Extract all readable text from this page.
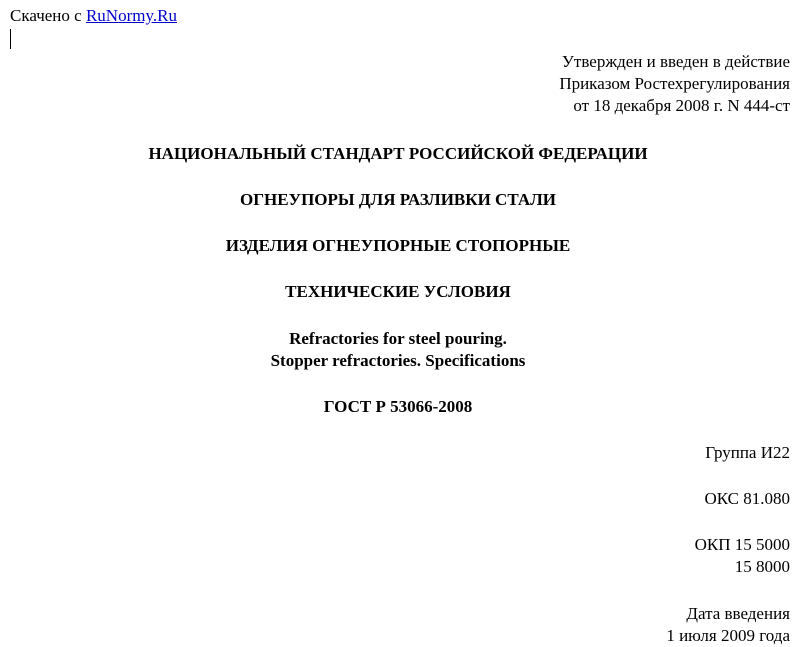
Скачено с RuNormy.Ru
Утвержден и введен в действие
Приказом Ростехрегулирования
от 18 декабря 2008 г. N 444-ст
НАЦИОНАЛЬНЫЙ СТАНДАРТ РОССИЙСКОЙ ФЕДЕРАЦИИ
ОГНЕУПОРЫ ДЛЯ РАЗЛИВКИ СТАЛИ
ИЗДЕЛИЯ ОГНЕУПОРНЫЕ СТОПОРНЫЕ
ТЕХНИЧЕСКИЕ УСЛОВИЯ
Refractories for steel pouring.
Stopper refractories. Specifications
ГОСТ Р 53066-2008
Группа И22
ОКС 81.080
ОКП 15 5000
15 8000
Дата введения
1 июля 2009 года
